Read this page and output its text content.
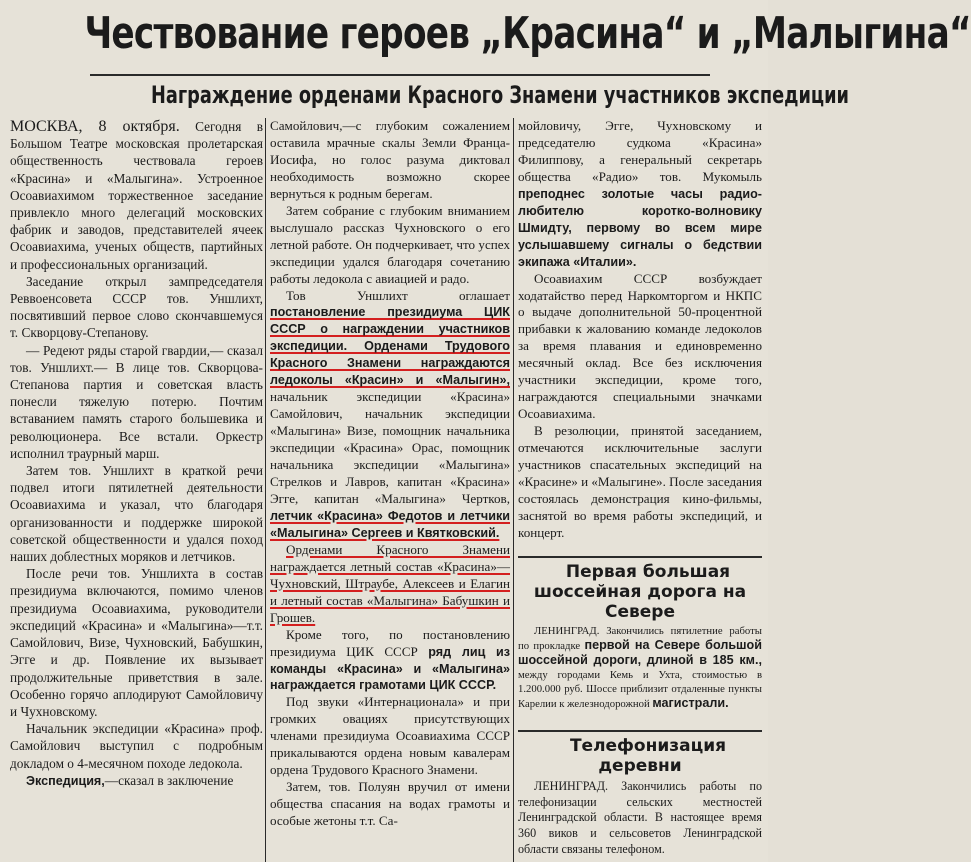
Чествование героев „Красина“ и „Малыгина“
Награждение орденами Красного Знамени участников экспедиции

МОСКВА, 8 октября. Сегодня в Большом Театре московская пролетарская общественность чествовала героев «Красина» и «Малыгина». Устроенное Осоавиахимом торжественное заседание привлекло много делегаций московских фабрик и заводов, представителей ячеек Осоавиахима, ученых обществ, партийных и профессиональных организаций.

Заседание открыл зампредседателя Реввоенсовета СССР тов. Уншлихт, посвятивший первое слово скончавшемуся т. Скворцову-Степанову.

— Редеют ряды старой гвардии,— сказал тов. Уншлихт.— В лице тов. Скворцова-Степанова партия и советская власть понесли тяжелую потерю. Почтим вставанием память старого большевика и революционера. Все встали. Оркестр исполнил траурный марш.

Затем тов. Уншлихт в краткой речи подвел итоги пятилетней деятельности Осоавиахима и указал, что благодаря организованности и поддержке широкой советской общественности и удался поход наших доблестных моряков и летчиков.

После речи тов. Уншлихта в состав президиума включаются, помимо членов президиума Осоавиахима, руководители экспедиций «Красина» и «Малыгина»—т.т. Самойлович, Визе, Чухновский, Бабушкин, Эгге и др. Появление их вызывает продолжительные приветствия в зале. Особенно горячо аплодируют Самойловичу и Чухновскому.

Начальник экспедиции «Красина» проф. Самойлович выступил с подробным докладом о 4-месячном походе ледокола.

Экспедиция,—сказал в заключение

Самойлович,—с глубоким сожалением оставила мрачные скалы Земли Франца-Иосифа, но голос разума диктовал необходимость возможно скорее вернуться к родным берегам.

Затем собрание с глубоким вниманием выслушало рассказ Чухновского о его летной работе. Он подчеркивает, что успех экспедиции удался благодаря сочетанию работы ледокола с авиацией и радо.

Тов Уншлихт оглашает постановление президиума ЦИК СССР о награждении участников экспедиции. Орденами Трудового Красного Знамени награждаются ледоколы «Красин» и «Малыгин», начальник экспедиции «Красина» Самойлович, начальник экспедиции «Малыгина» Визе, помощник начальника экспедиции «Красина» Орас, помощник начальника экспедиции «Малыгина» Стрелков и Лавров, капитан «Красина» Эгге, капитан «Малыгина» Чертков, летчик «Красина» Федотов и летчики «Малыгина» Сергеев и Квятковский.

Орденами Красного Знамени награждается летный состав «Красина»—Чухновский, Штраубе, Алексеев и Елагин и летный состав «Малыгина» Бабушкин и Грошев.

Кроме того, по постановлению президиума ЦИК СССР ряд лиц из команды «Красина» и «Малыгина» награждается грамотами ЦИК СССР.

Под звуки «Интернационала» и при громких овациях присутствующих членами президиума Осоавиахима СССР прикалываются ордена новым кавалерам ордена Трудового Красного Знамени.

Затем, тов. Полуян вручил от имени общества спасания на водах грамоты и особые жетоны т.т. Са-

мойловичу, Эгге, Чухновскому и председателю судкома «Красина» Филиппову, а генеральный секретарь общества «Радио» тов. Мукомыль преподнес золотые часы радио-любителю коротко-волновику Шмидту, первому во всем мире услышавшему сигналы о бедствии экипажа «Италии».

Осоавиахим СССР возбуждает ходатайство перед Наркомторгом и НКПС о выдаче дополнительной 50-процентной прибавки к жалованию команде ледоколов за время плавания и единовременно месячный оклад. Все без исключения участники экспедиции, кроме того, награждаются специальными значками Осоавиахима.

В резолюции, принятой заседанием, отмечаются исключительные заслуги участников спасательных экспедиций на «Красине» и «Малыгине». После заседания состоялась демонстрация кино-фильмы, заснятой во время работы экспедиций, и концерт.

Первая большая шоссейная дорога на Севере

ЛЕНИНГРАД. Закончились пятилетние работы по прокладке первой на Севере большой шоссейной дороги, длиной в 185 км., между городами Кемь и Ухта, стоимостью в 1.200.000 руб. Шоссе приблизит отдаленные пункты Карелии к железнодорожной магистрали.

Телефонизация деревни

ЛЕНИНГРАД. Закончились работы по телефонизации сельских местностей Ленинградской области. В настоящее время 360 виков и сельсоветов Ленинградской области связаны телефоном.
